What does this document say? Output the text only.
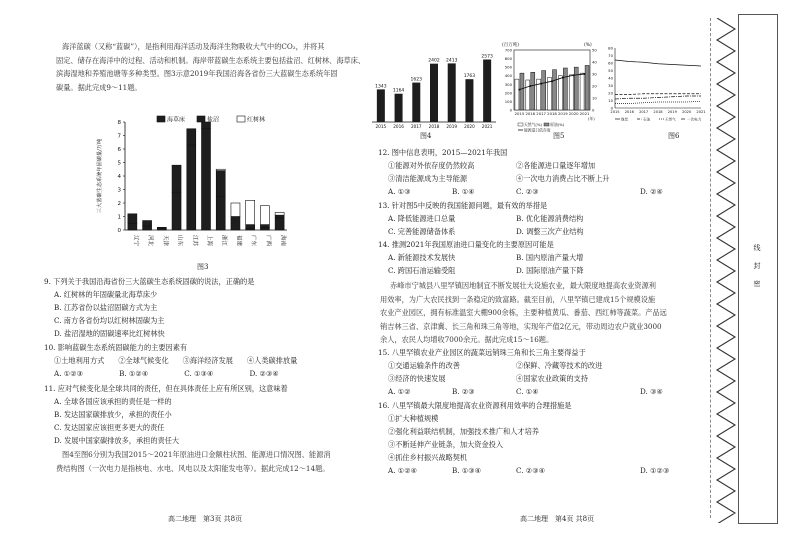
海洋蓝碳（又称“蓝碳”），是指利用海洋活动及海洋生物吸收大气中的CO₂，并将其
固定、储存在海洋中的过程、活动和机制。海岸带蓝碳生态系统主要包括盐沼、红树林、海草床、
滨海湿地和养殖池塘等多种类型。图3示意2019年我国沿海各省份三大蓝碳生态系统年固
碳量。据此完成9～11题。
0
1
2
3
4
5
6
7
8
三大蓝碳生态系统年固碳量/万吨
辽宁	河北	天津	山东	江苏	上海	浙江	福建	广东	广西	海南
海草床	盐沼	红树林
图3
9. 下列关于我国沿海省份三大蓝碳生态系统固碳的说法，正确的是
A. 红树林的年固碳量北海草床少
B. 江苏省份以盐沼固碳方式为主
C. 南方各省份均以红树林固碳为主
D. 盐沼湿地的固碳速率比红树林快
10. 影响蓝碳生态系统固碳能力的主要因素有
①土地利用方式 ②全球气候变化 ③海洋经济发展 ④人类碳排放量
A. ①②③	B. ①②④	C. ①③④	D. ②③④
11. 应对气候变化是全球共同的责任，但在具体责任上应有所区别，这意味着
A. 全球各国应该承担的责任是一样的
B. 发达国家碳排放少，承担的责任小
C. 发达国家应该担更多更大的责任
D. 发展中国家碳排放多，承担的责任大
图4至图6分别为我国2015～2021年原油进口金额柱状图、能源进口情况图、能源消
费结构图（一次电力是指核电、水电、风电以及太阳能发电等）。据此完成12～14题。
高二地理　第3页 共8页
1343
2015
1164
2016
1623
2017
2402
2018
2413
2019
1763
2020
2573
2021
图4
(百万吨)	(%)
0
100
200
300
400
500
600
700
0
10
20
30
40
50
2015 2016 2017 2018 2019 2020 2021
(年)
天然气(%) 原油(%)
能源进口依存度
图5
0
10
20
30
40
50
60
70
80
2015 2016 2017 2018 2019 2020 2021
煤炭	石油	天然气	一次电力
图6
12. 图中信息表明，2015—2021年我国
①能源对外依存度仍然较高	②各能源进口量逐年增加
③清洁能源成为主导能源	④一次电力消费占比不断上升
A. ①③	B. ①④	C. ②③	D. ②④
13. 针对图5中反映的我国能源问题，最有效的举措是
A. 降低能源进口总量	B. 优化能源消费结构
C. 完善能源储备体系	D. 调整三次产业结构
14. 推测2021年我国原油进口量变化的主要原因可能是
A. 新能源技术发展快	B. 国内原油产量大增
C. 跨国石油运输受阻	D. 国际原油产量下降
赤峰市宁城县八里罕镇因地制宜不断发展壮大设施农业，最大限度地提高农业资源利
用效率，为广大农民找到一条稳定的致富路。截至目前，八里罕镇已建成15个规模设施
农业产业园区，拥有标准温室大棚900余栋，主要种植黄瓜、番茄、西红柿等蔬菜。产品远
销吉林三省、京津冀、长三角和珠三角等地，实现年产值2亿元，带动周边农户就业3000
余人，农民人均增收7000余元。据此完成15～16题。
15. 八里罕镇农业产业园区的蔬菜远销珠三角和长三角主要得益于
①交通运输条件的改善	②保鲜、冷藏等技术的改进
③经济的快速发展	④国家农业政策的支持
A. ①②	B. ②③	C. ①④	D. ③④
16. 八里罕镇最大限度地提高农业资源利用效率的合理措施是
①扩大种植规模
②强化利益联结机制，加强技术推广和人才培养
③不断延伸产业链条，加大资金投入
④抓住乡村振兴战略契机
A. ①②④	B. ①③④	C. ②③④	D. ①②③
高二地理　第4页 共8页
线
封
密
